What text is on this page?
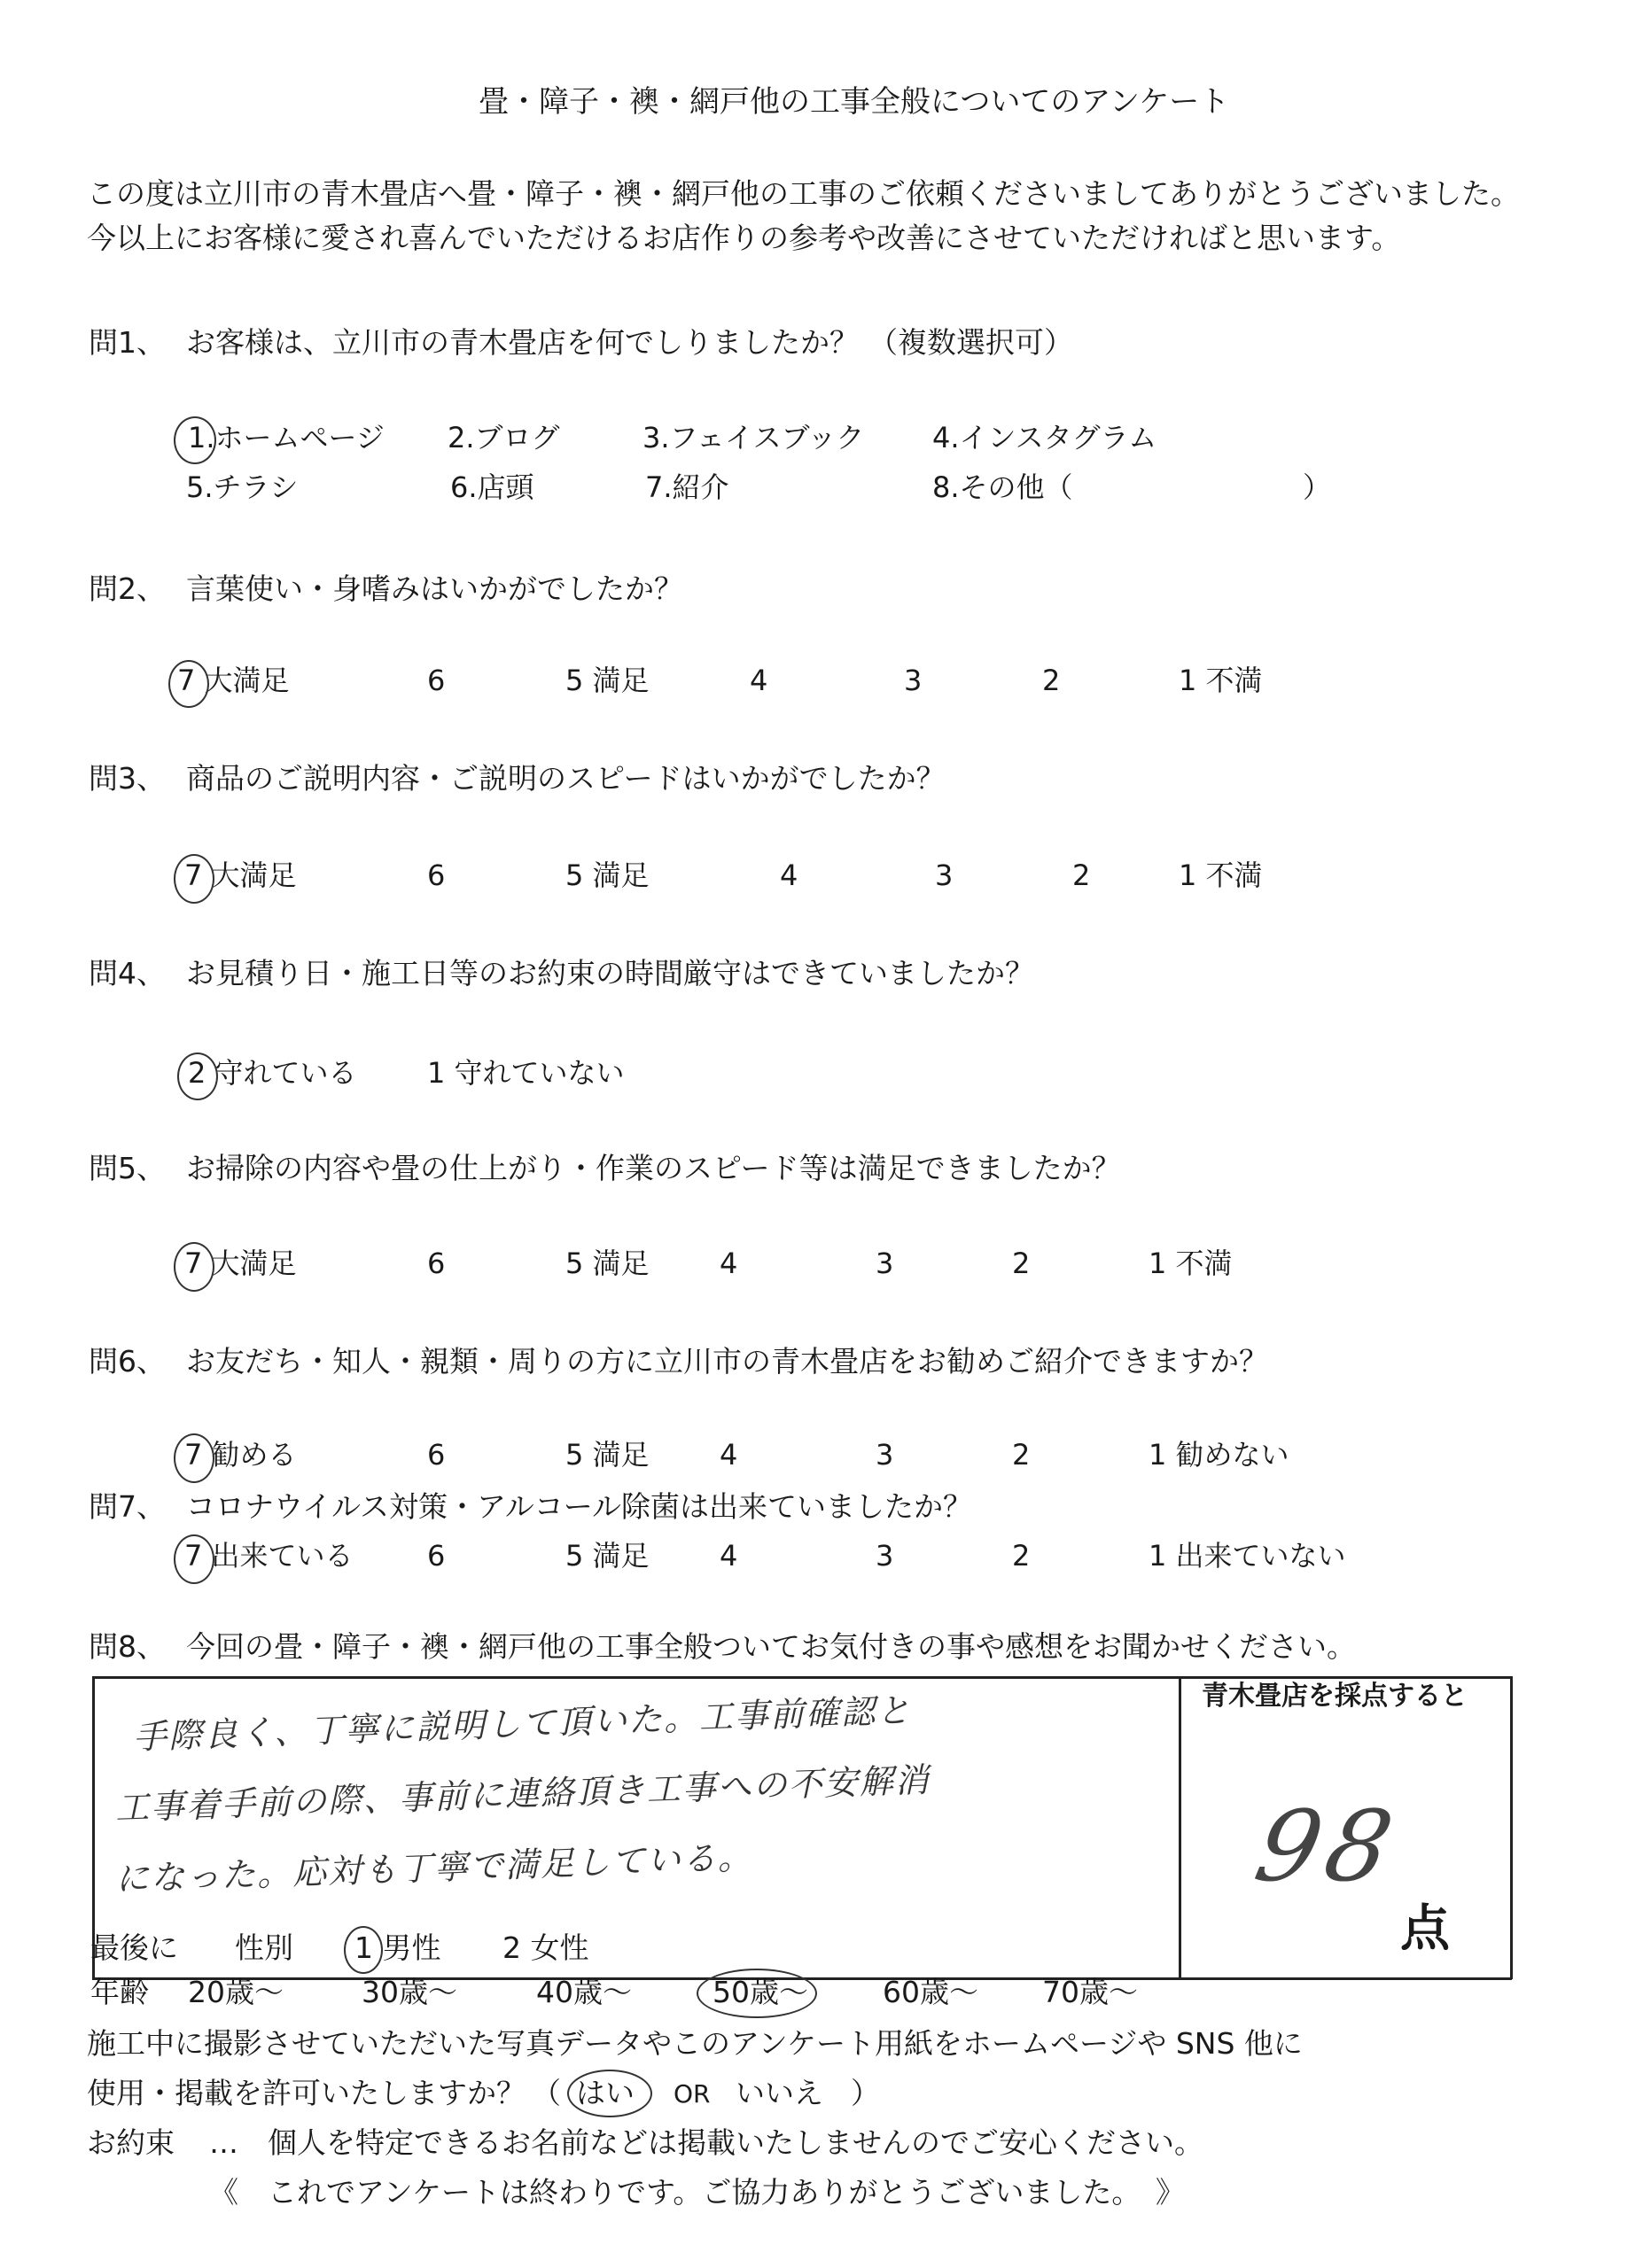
畳・障子・襖・網戸他の工事全般についてのアンケート
この度は立川市の青木畳店へ畳・障子・襖・網戸他の工事のご依頼くださいましてありがとうございました。
今以上にお客様に愛され喜んでいただけるお店作りの参考や改善にさせていただければと思います。
問1、 お客様は、立川市の青木畳店を何でしりましたか？ （複数選択可）
1.ホームページ 2.ブログ	3.フェイスブック 4.インスタグラム
5.チラシ	6.店頭	7.紹介	8.その他（	）
問2、 言葉使い・身嗜みはいかがでしたか？
7 大満足	6	5 満足	4	3	2	1 不満
問3、 商品のご説明内容・ご説明のスピードはいかがでしたか？
7 大満足	6	5 満足	4	3	2	1 不満
問4、 お見積り日・施工日等のお約束の時間厳守はできていましたか？
2 守れている 1 守れていない
問5、 お掃除の内容や畳の仕上がり・作業のスピード等は満足できましたか？
7 大満足	6	5 満足 4	3	2	1 不満
問6、 お友だち・知人・親類・周りの方に立川市の青木畳店をお勧めご紹介できますか？
7 勧める	6	5 満足 4	3	2	1 勧めない
問7、 コロナウイルス対策・アルコール除菌は出来ていましたか？
7 出来ている	6	5 満足 4	3	2	1 出来ていない
問8、 今回の畳・障子・襖・網戸他の工事全般ついてお気付きの事や感想をお聞かせください。
手際良く、丁寧に説明して頂いた。工事前確認と
工事着手前の際、事前に連絡頂き工事への不安解消
になった。応対も丁寧で満足している。
青木畳店を採点すると
98
点
最後に 性別 1 男性 2 女性
年齢 20歳～	30歳～	40歳～	50歳～	60歳～ 70歳～
施工中に撮影させていただいた写真データやこのアンケート用紙をホームページや SNS 他に
使用・掲載を許可いたしますか？ （ はい OR いいえ ）
お約束 … 個人を特定できるお名前などは掲載いたしませんのでご安心ください。
《　これでアンケートは終わりです。ご協力ありがとうございました。　》
